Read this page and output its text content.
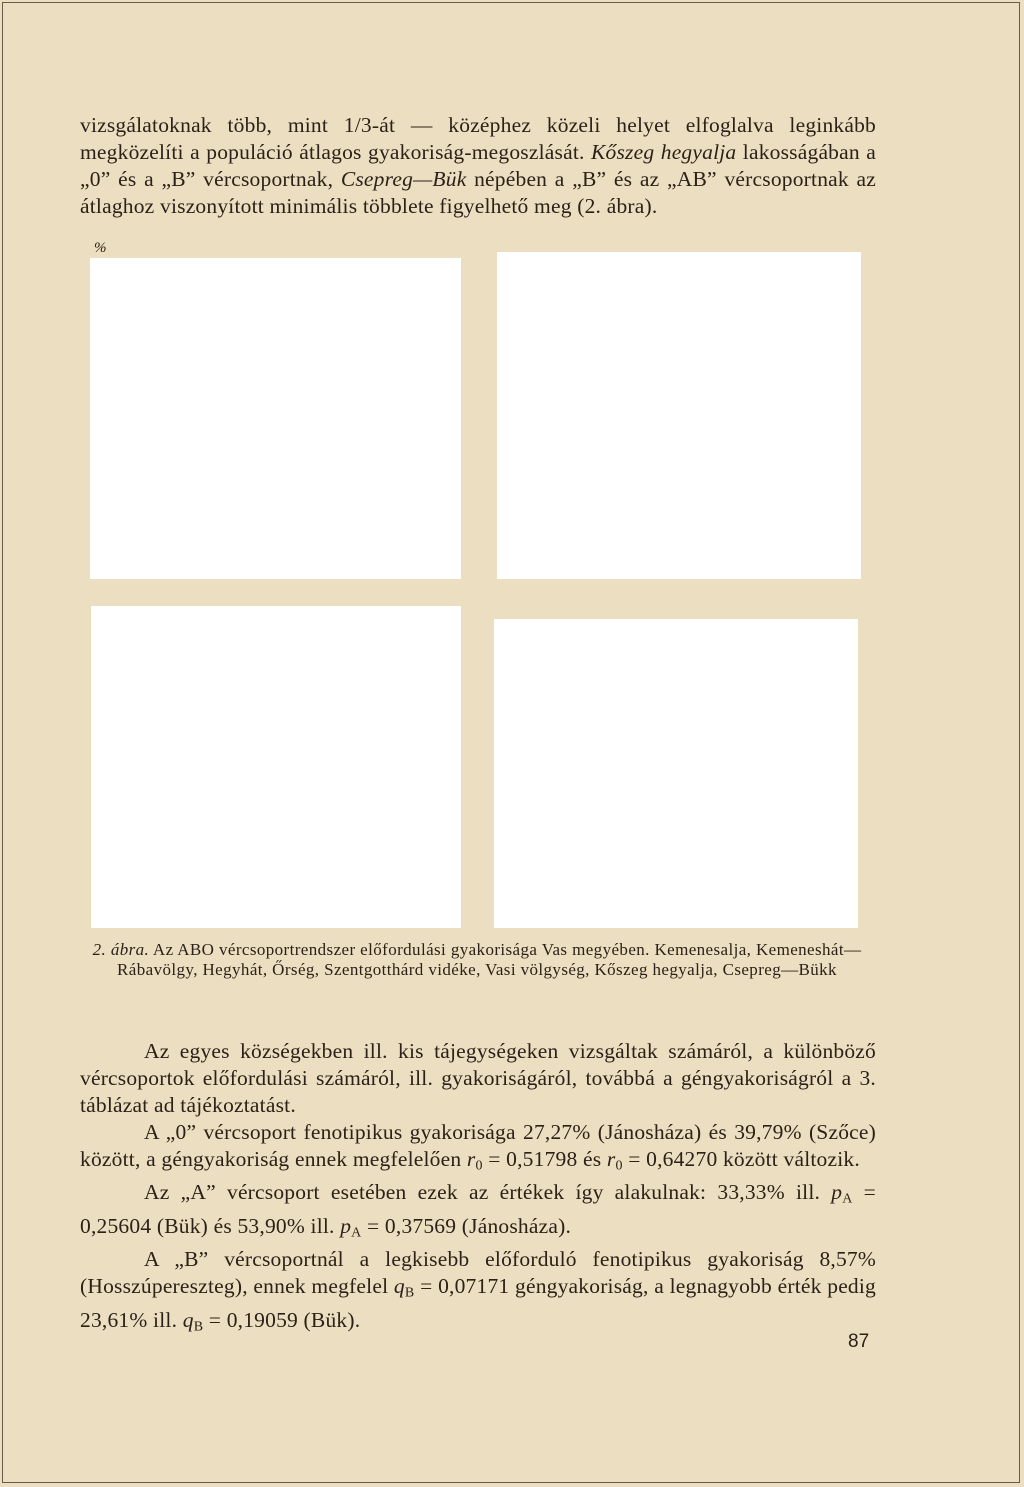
vizsgálatoknak több, mint 1/3-át — középhez közeli helyet elfoglalva leginkább megközelíti a populáció átlagos gyakoriság-megoszlását. Kőszeg hegyalja lakosságában a „0” és a „B” vércsoportnak, Csepreg—Bük népében a „B” és az „AB” vércsoportnak az átlaghoz viszonyított minimális többlete figyelhető meg (2. ábra).

%
2. ábra. Az ABO vércsoportrendszer előfordulási gyakorisága Vas megyében. Kemenesalja, Kemeneshát—Rábavölgy, Hegyhát, Őrség, Szentgotthárd vidéke, Vasi völgység, Kőszeg hegyalja, Csepreg—Bükk

Az egyes községekben ill. kis tájegységeken vizsgáltak számáról, a különböző vércsoportok előfordulási számáról, ill. gyakoriságáról, továbbá a géngyakoriságról a 3. táblázat ad tájékoztatást.

A „0” vércsoport fenotipikus gyakorisága 27,27% (Jánosháza) és 39,79% (Szőce) között, a géngyakoriság ennek megfelelően $r_0 = 0,51798$ és $r_0 = 0,64270$ között változik.

Az „A” vércsoport esetében ezek az értékek így alakulnak: 33,33% ill. $p_A = 0,25604$ (Bük) és 53,90% ill. $p_A = 0,37569$ (Jánosháza).

A „B” vércsoportnál a legkisebb előforduló fenotipikus gyakoriság 8,57% (Hosszúpereszteg), ennek megfelel $q_B = 0,07171$ géngyakoriság, a legnagyobb érték pedig 23,61% ill. $q_B = 0,19059$ (Bük).

87
